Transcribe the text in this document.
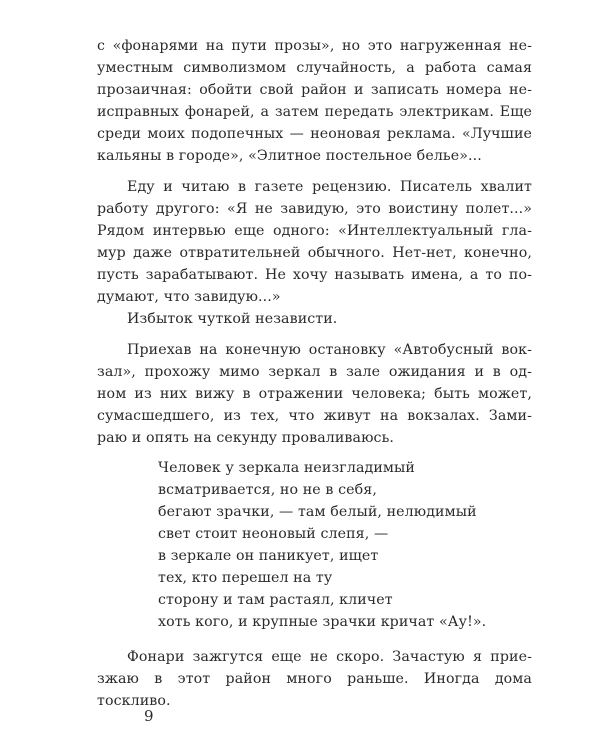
с «фонарями на пути прозы», но это нагруженная не-
уместным символизмом случайность, а работа самая
прозаичная: обойти свой район и записать номера не-
исправных фонарей, а затем передать электрикам. Еще
среди моих подопечных — неоновая реклама. «Лучшие
кальяны в городе», «Элитное постельное белье»...
Еду и читаю в газете рецензию. Писатель хвалит
работу другого: «Я не завидую, это воистину полет...»
Рядом интервью еще одного: «Интеллектуальный гла-
мур даже отвратительней обычного. Нет-нет, конечно,
пусть зарабатывают. Не хочу называть имена, а то по-
думают, что завидую...»
Избыток чуткой независти.
Приехав на конечную остановку «Автобусный вок-
зал», прохожу мимо зеркал в зале ожидания и в од-
ном из них вижу в отражении человека; быть может,
сумасшедшего, из тех, что живут на вокзалах. Зами-
раю и опять на секунду проваливаюсь.
Человек у зеркала неизгладимый
всматривается, но не в себя,
бегают зрачки, — там белый, нелюдимый
свет стоит неоновый слепя, —
в зеркале он паникует, ищет
тех, кто перешел на ту
сторону и там растаял, кличет
хоть кого, и крупные зрачки кричат «Ау!».
Фонари зажгутся еще не скоро. Зачастую я прие-
зжаю в этот район много раньше. Иногда дома
тоскливо.
9
